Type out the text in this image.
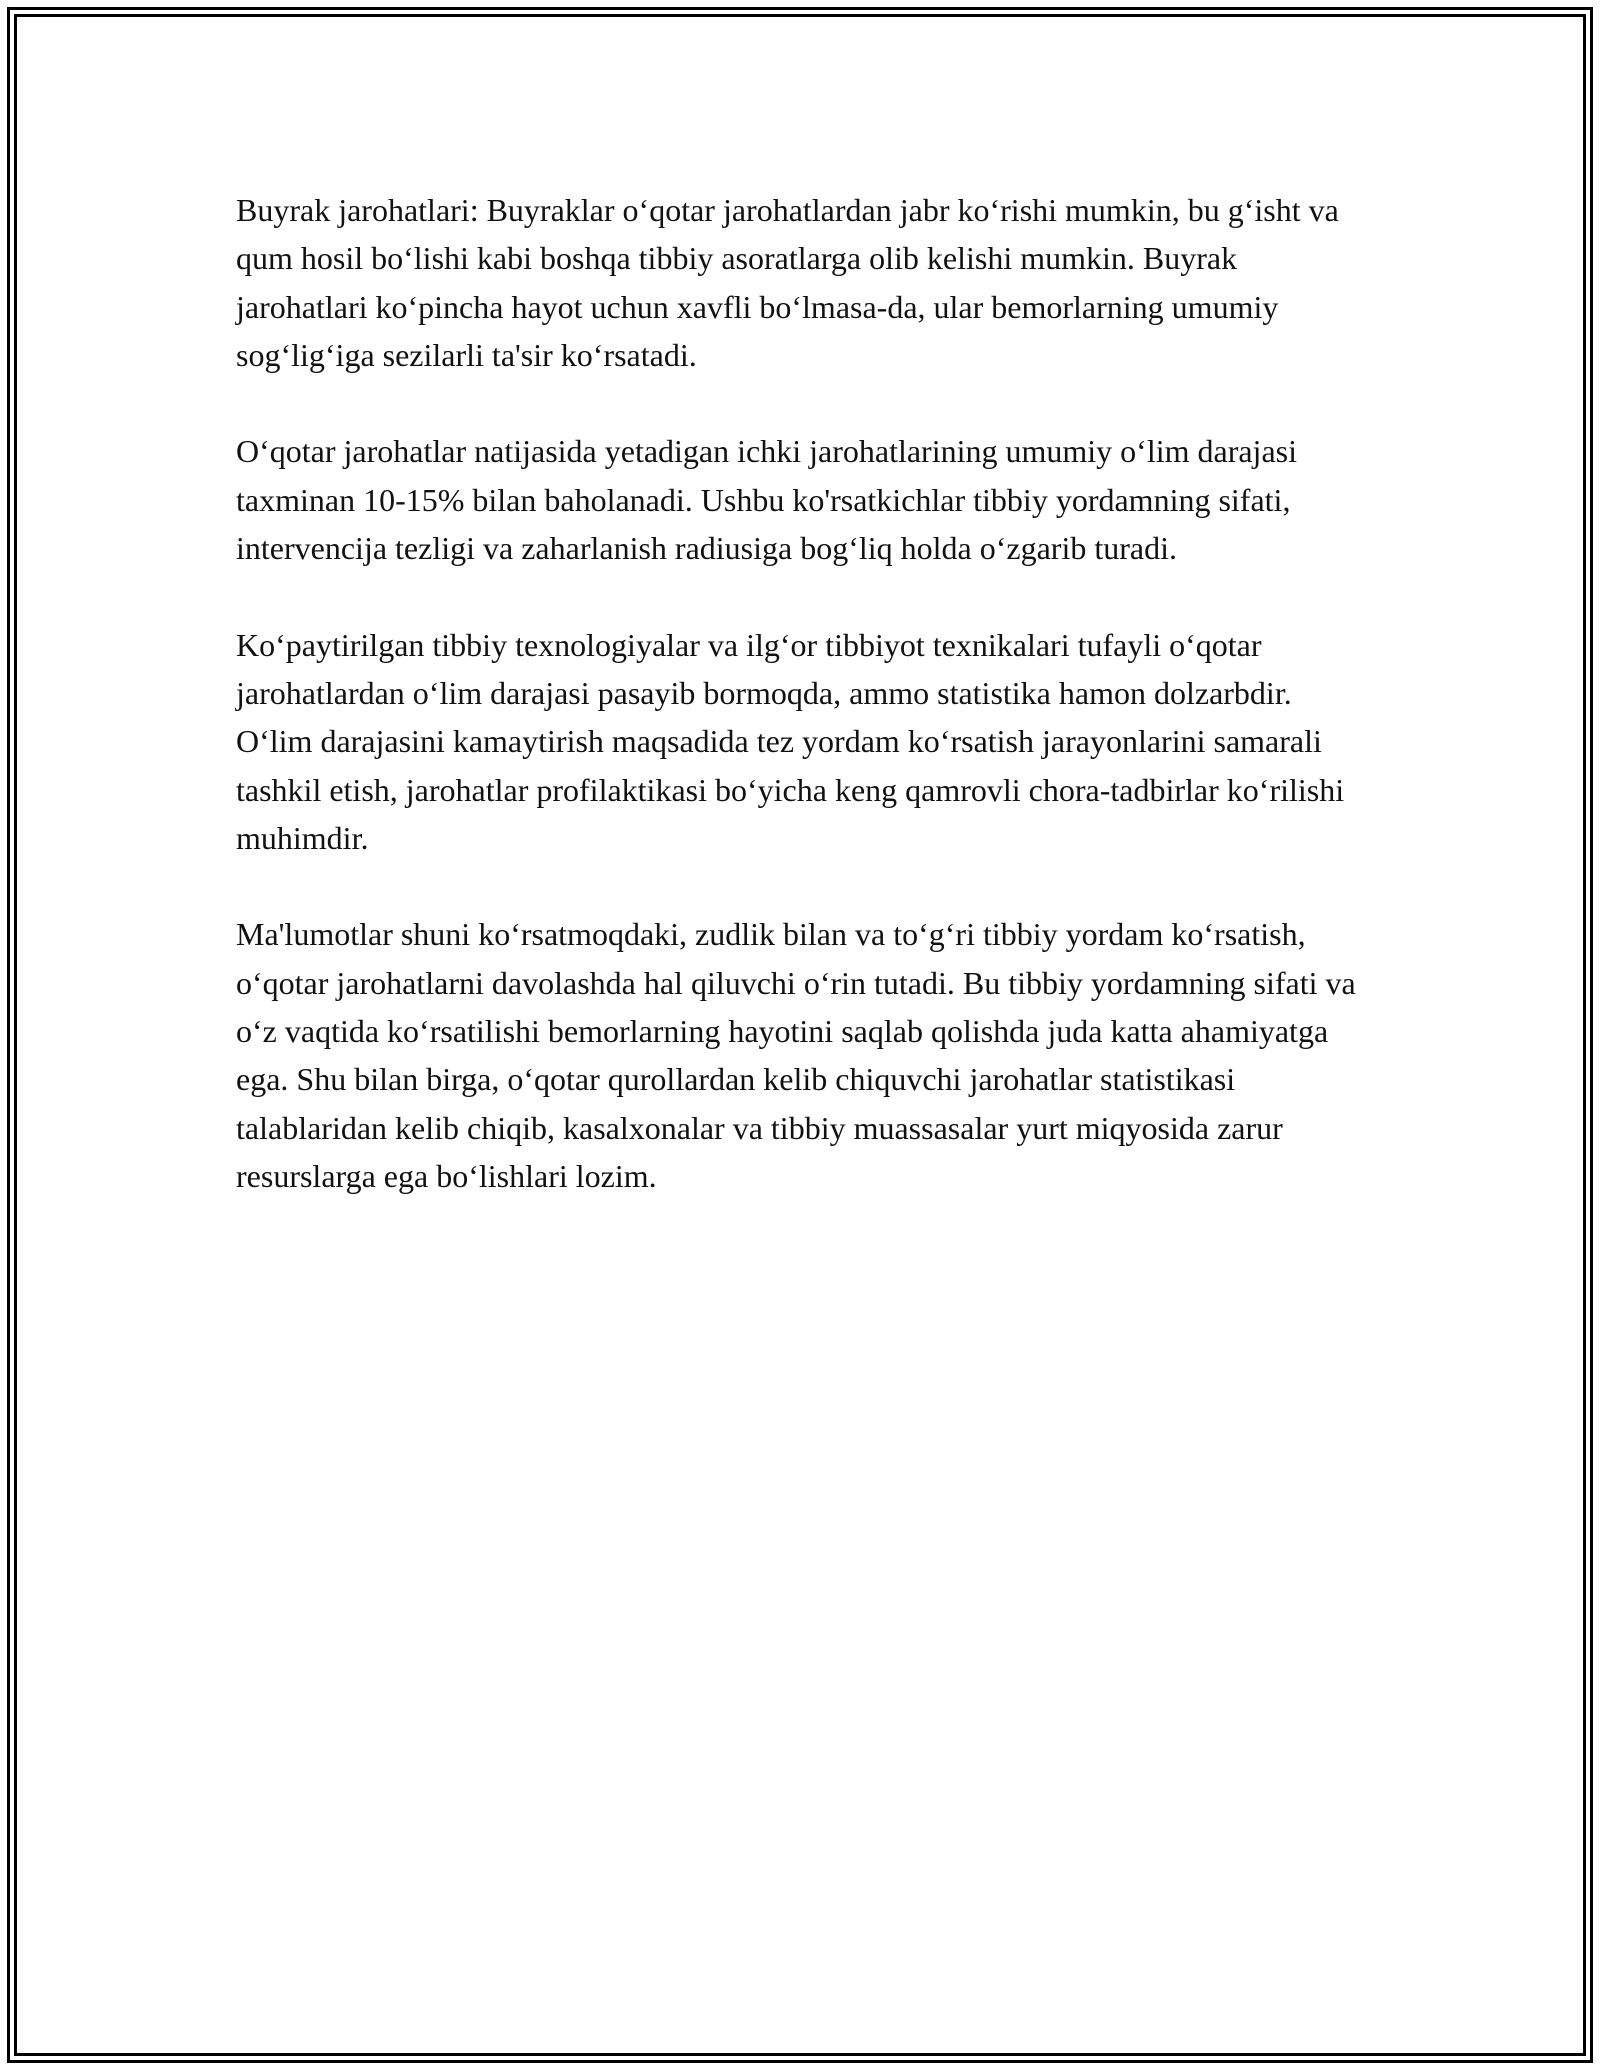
Buyrak jarohatlari: Buyraklar oʻqotar jarohatlardan jabr koʻrishi mumkin, bu gʻisht va qum hosil boʻlishi kabi boshqa tibbiy asoratlarga olib kelishi mumkin. Buyrak jarohatlari koʻpincha hayot uchun xavfli boʻlmasa-da, ular bemorlarning umumiy sogʻligʻiga sezilarli ta'sir koʻrsatadi.

Oʻqotar jarohatlar natijasida yetadigan ichki jarohatlarining umumiy oʻlim darajasi taxminan 10-15% bilan baholanadi. Ushbu ko'rsatkichlar tibbiy yordamning sifati, intervencija tezligi va zaharlanish radiusiga bogʻliq holda oʻzgarib turadi.

Koʻpaytirilgan tibbiy texnologiyalar va ilgʻor tibbiyot texnikalari tufayli oʻqotar jarohatlardan oʻlim darajasi pasayib bormoqda, ammo statistika hamon dolzarbdir. Oʻlim darajasini kamaytirish maqsadida tez yordam koʻrsatish jarayonlarini samarali tashkil etish, jarohatlar profilaktikasi boʻyicha keng qamrovli chora-tadbirlar koʻrilishi muhimdir.

Ma'lumotlar shuni koʻrsatmoqdaki, zudlik bilan va toʻgʻri tibbiy yordam koʻrsatish, oʻqotar jarohatlarni davolashda hal qiluvchi oʻrin tutadi. Bu tibbiy yordamning sifati va oʻz vaqtida koʻrsatilishi bemorlarning hayotini saqlab qolishda juda katta ahamiyatga ega. Shu bilan birga, oʻqotar qurollardan kelib chiquvchi jarohatlar statistikasi talablaridan kelib chiqib, kasalxonalar va tibbiy muassasalar yurt miqyosida zarur resurslarga ega boʻlishlari lozim.
